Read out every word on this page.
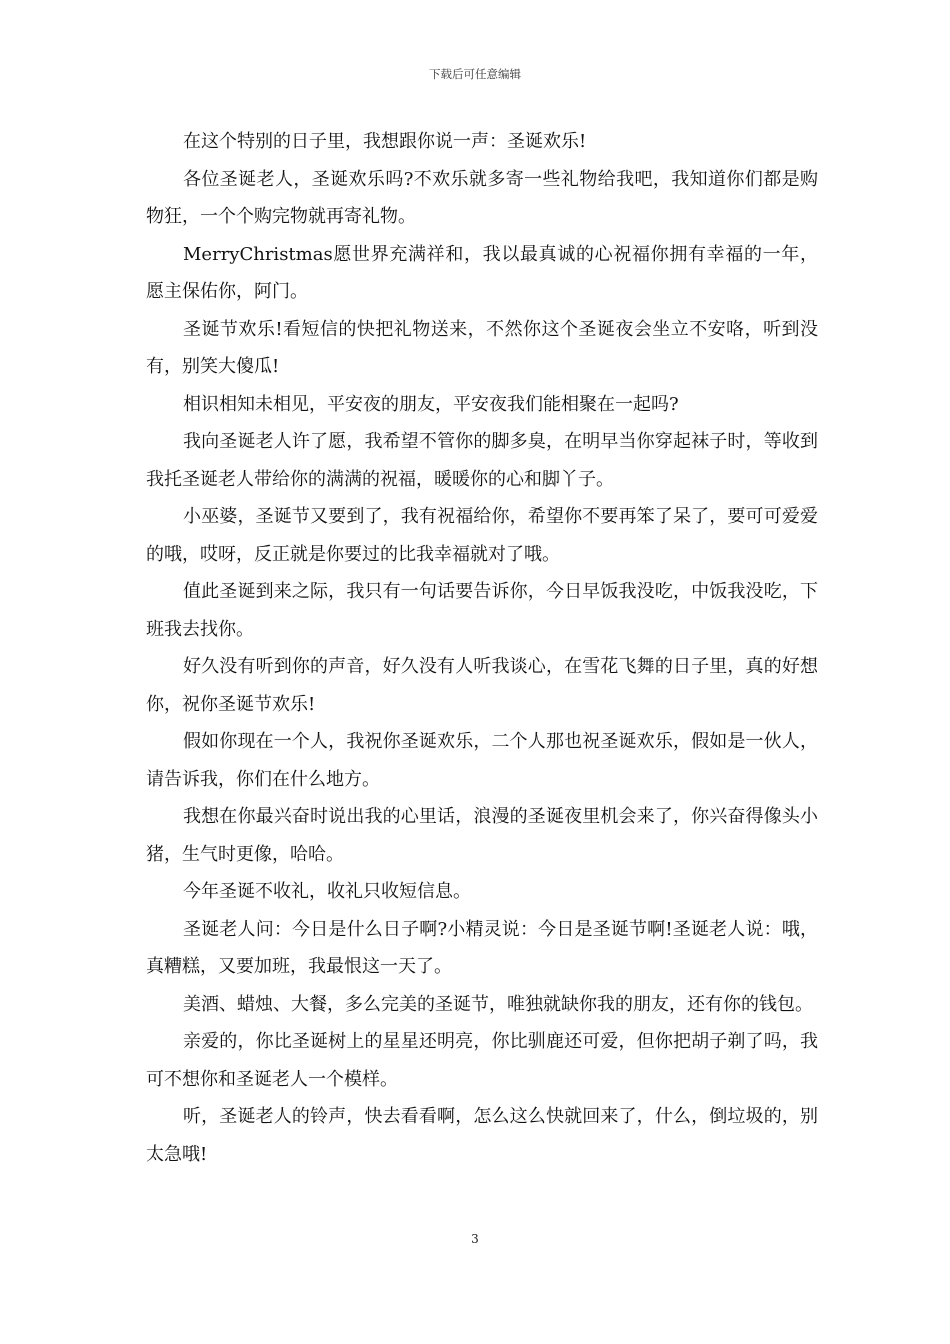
下载后可任意编辑

在这个特别的日子里，我想跟你说一声：圣诞欢乐!

各位圣诞老人，圣诞欢乐吗?不欢乐就多寄一些礼物给我吧，我知道你们都是购物狂，一个个购完物就再寄礼物。

MerryChristmas愿世界充满祥和，我以最真诚的心祝福你拥有幸福的一年，愿主保佑你，阿门。

圣诞节欢乐!看短信的快把礼物送来，不然你这个圣诞夜会坐立不安咯，听到没有，别笑大傻瓜!

相识相知未相见，平安夜的朋友，平安夜我们能相聚在一起吗?

我向圣诞老人许了愿，我希望不管你的脚多臭，在明早当你穿起袜子时，等收到我托圣诞老人带给你的满满的祝福，暖暖你的心和脚丫子。

小巫婆，圣诞节又要到了，我有祝福给你，希望你不要再笨了呆了，要可可爱爱的哦，哎呀，反正就是你要过的比我幸福就对了哦。

值此圣诞到来之际，我只有一句话要告诉你，今日早饭我没吃，中饭我没吃，下班我去找你。

好久没有听到你的声音，好久没有人听我谈心，在雪花飞舞的日子里，真的好想你，祝你圣诞节欢乐!

假如你现在一个人，我祝你圣诞欢乐，二个人那也祝圣诞欢乐，假如是一伙人，请告诉我，你们在什么地方。

我想在你最兴奋时说出我的心里话，浪漫的圣诞夜里机会来了，你兴奋得像头小猪，生气时更像，哈哈。

今年圣诞不收礼，收礼只收短信息。

圣诞老人问：今日是什么日子啊?小精灵说：今日是圣诞节啊!圣诞老人说：哦，真糟糕，又要加班，我最恨这一天了。

美酒、蜡烛、大餐，多么完美的圣诞节，唯独就缺你我的朋友，还有你的钱包。

亲爱的，你比圣诞树上的星星还明亮，你比驯鹿还可爱，但你把胡子剃了吗，我可不想你和圣诞老人一个模样。

听，圣诞老人的铃声，快去看看啊，怎么这么快就回来了，什么，倒垃圾的，别太急哦!

3
